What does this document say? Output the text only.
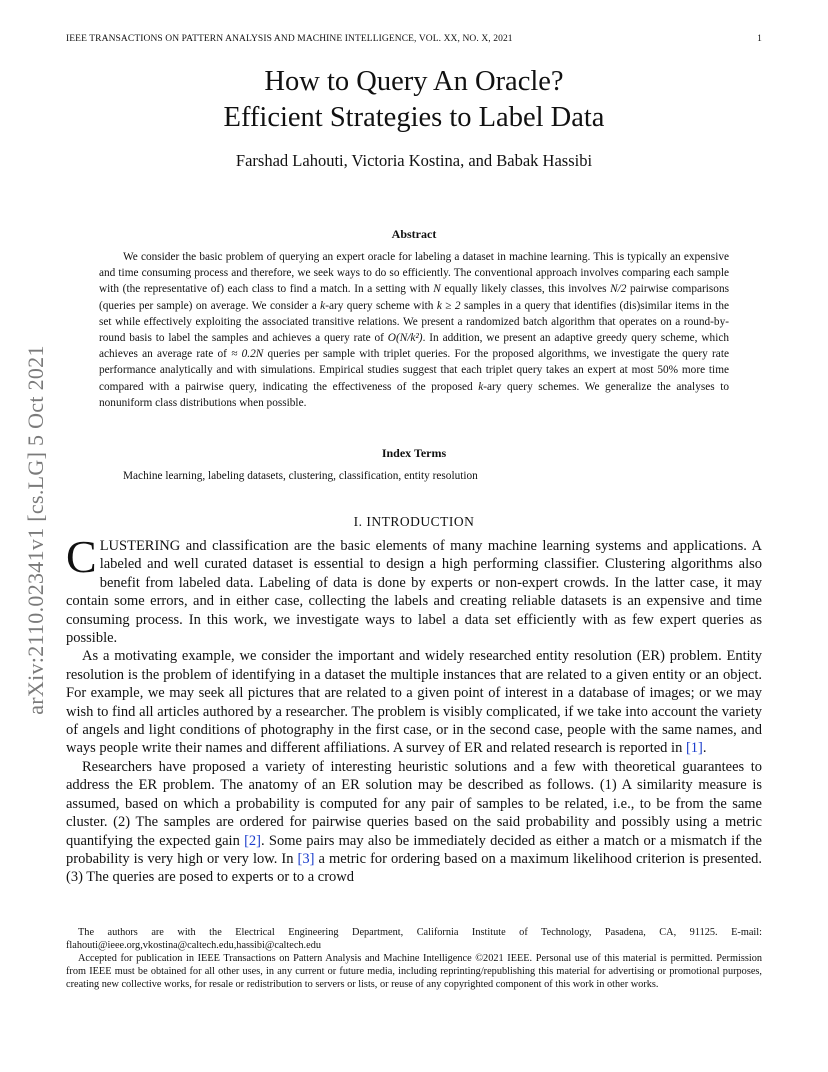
IEEE TRANSACTIONS ON PATTERN ANALYSIS AND MACHINE INTELLIGENCE, VOL. XX, NO. X, 2021	1
arXiv:2110.02341v1 [cs.LG] 5 Oct 2021
How to Query An Oracle?
Efficient Strategies to Label Data
Farshad Lahouti, Victoria Kostina, and Babak Hassibi
Abstract

We consider the basic problem of querying an expert oracle for labeling a dataset in machine learning. This is typically an expensive and time consuming process and therefore, we seek ways to do so efficiently. The conventional approach involves comparing each sample with (the representative of) each class to find a match. In a setting with N equally likely classes, this involves N/2 pairwise comparisons (queries per sample) on average. We consider a k-ary query scheme with k ≥ 2 samples in a query that identifies (dis)similar items in the set while effectively exploiting the associated transitive relations. We present a randomized batch algorithm that operates on a round-by-round basis to label the samples and achieves a query rate of O(N/k²). In addition, we present an adaptive greedy query scheme, which achieves an average rate of ≈ 0.2N queries per sample with triplet queries. For the proposed algorithms, we investigate the query rate performance analytically and with simulations. Empirical studies suggest that each triplet query takes an expert at most 50% more time compared with a pairwise query, indicating the effectiveness of the proposed k-ary query schemes. We generalize the analyses to nonuniform class distributions when possible.

Index Terms
Machine learning, labeling datasets, clustering, classification, entity resolution
I. INTRODUCTION

CLUSTERING and classification are the basic elements of many machine learning systems and applications. A labeled and well curated dataset is essential to design a high performing classifier. Clustering algorithms also benefit from labeled data. Labeling of data is done by experts or non-expert crowds. In the latter case, it may contain some errors, and in either case, collecting the labels and creating reliable datasets is an expensive and time consuming process. In this work, we investigate ways to label a data set efficiently with as few expert queries as possible.

As a motivating example, we consider the important and widely researched entity resolution (ER) problem. Entity resolution is the problem of identifying in a dataset the multiple instances that are related to a given entity or an object. For example, we may seek all pictures that are related to a given point of interest in a database of images; or we may wish to find all articles authored by a researcher. The problem is visibly complicated, if we take into account the variety of angels and light conditions of photography in the first case, or in the second case, people with the same names, and ways people write their names and different affiliations. A survey of ER and related research is reported in [1].

Researchers have proposed a variety of interesting heuristic solutions and a few with theoretical guarantees to address the ER problem. The anatomy of an ER solution may be described as follows. (1) A similarity measure is assumed, based on which a probability is computed for any pair of samples to be related, i.e., to be from the same cluster. (2) The samples are ordered for pairwise queries based on the said probability and possibly using a metric quantifying the expected gain [2]. Some pairs may also be immediately decided as either a match or a mismatch if the probability is very high or very low. In [3] a metric for ordering based on a maximum likelihood criterion is presented. (3) The queries are posed to experts or to a crowd

The authors are with the Electrical Engineering Department, California Institute of Technology, Pasadena, CA, 91125. E-mail: flahouti@ieee.org,vkostina@caltech.edu,hassibi@caltech.edu

Accepted for publication in IEEE Transactions on Pattern Analysis and Machine Intelligence ©2021 IEEE. Personal use of this material is permitted. Permission from IEEE must be obtained for all other uses, in any current or future media, including reprinting/republishing this material for advertising or promotional purposes, creating new collective works, for resale or redistribution to servers or lists, or reuse of any copyrighted component of this work in other works.
